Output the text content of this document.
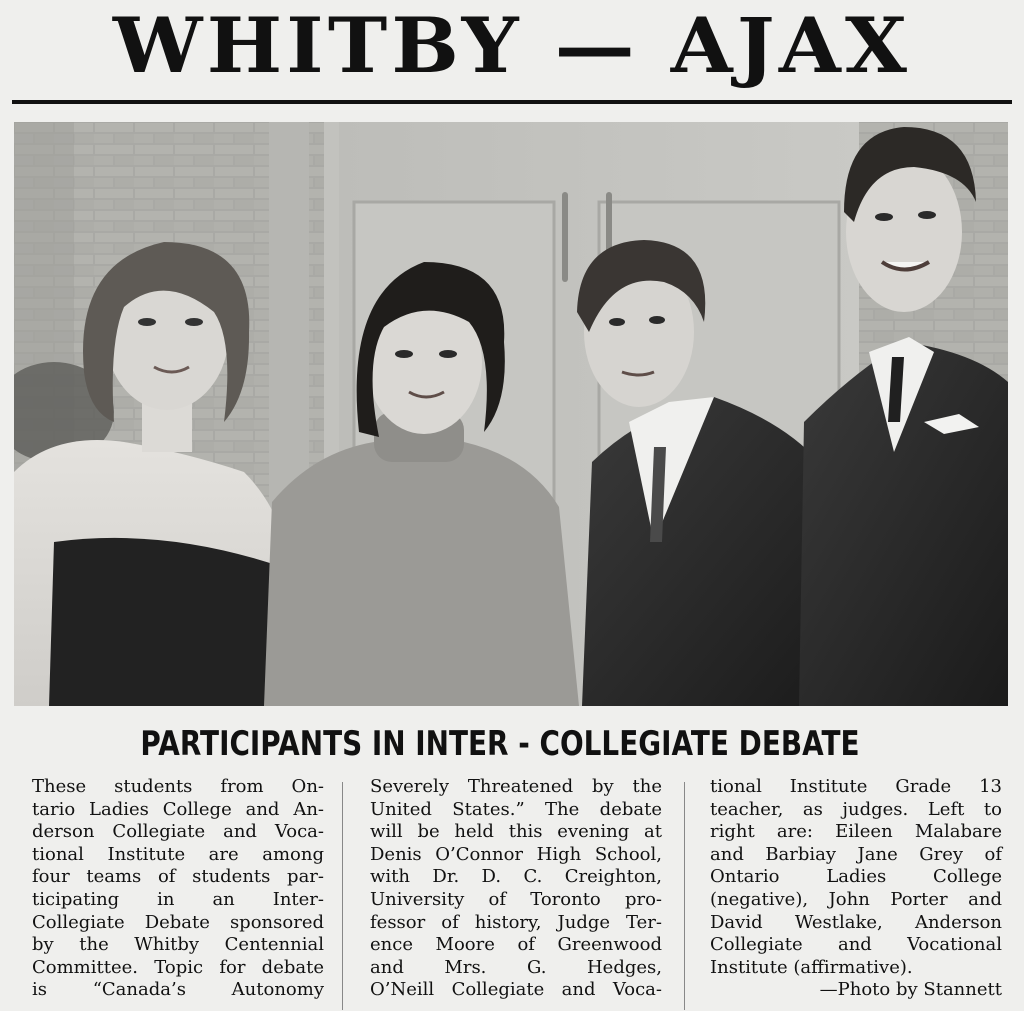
WHITBY — AJAX
PARTICIPANTS IN INTER - COLLEGIATE DEBATE
These students from On-
tario Ladies College and An-
derson Collegiate and Voca-
tional Institute are among
four teams of students par-
ticipating in an Inter-
Collegiate Debate sponsored
by the Whitby Centennial
Committee. Topic for debate
is “Canada’s Autonomy
Severely Threatened by the
United States.” The debate
will be held this evening at
Denis O’Connor High School,
with Dr. D. C. Creighton,
University of Toronto pro-
fessor of history, Judge Ter-
ence Moore of Greenwood
and Mrs. G. Hedges,
O’Neill Collegiate and Voca-
tional Institute Grade 13
teacher, as judges. Left to
right are: Eileen Malabare
and Barbiay Jane Grey of
Ontario Ladies College
(negative), John Porter and
David Westlake, Anderson
Collegiate and Vocational
Institute (affirmative).
—Photo by Stannett
